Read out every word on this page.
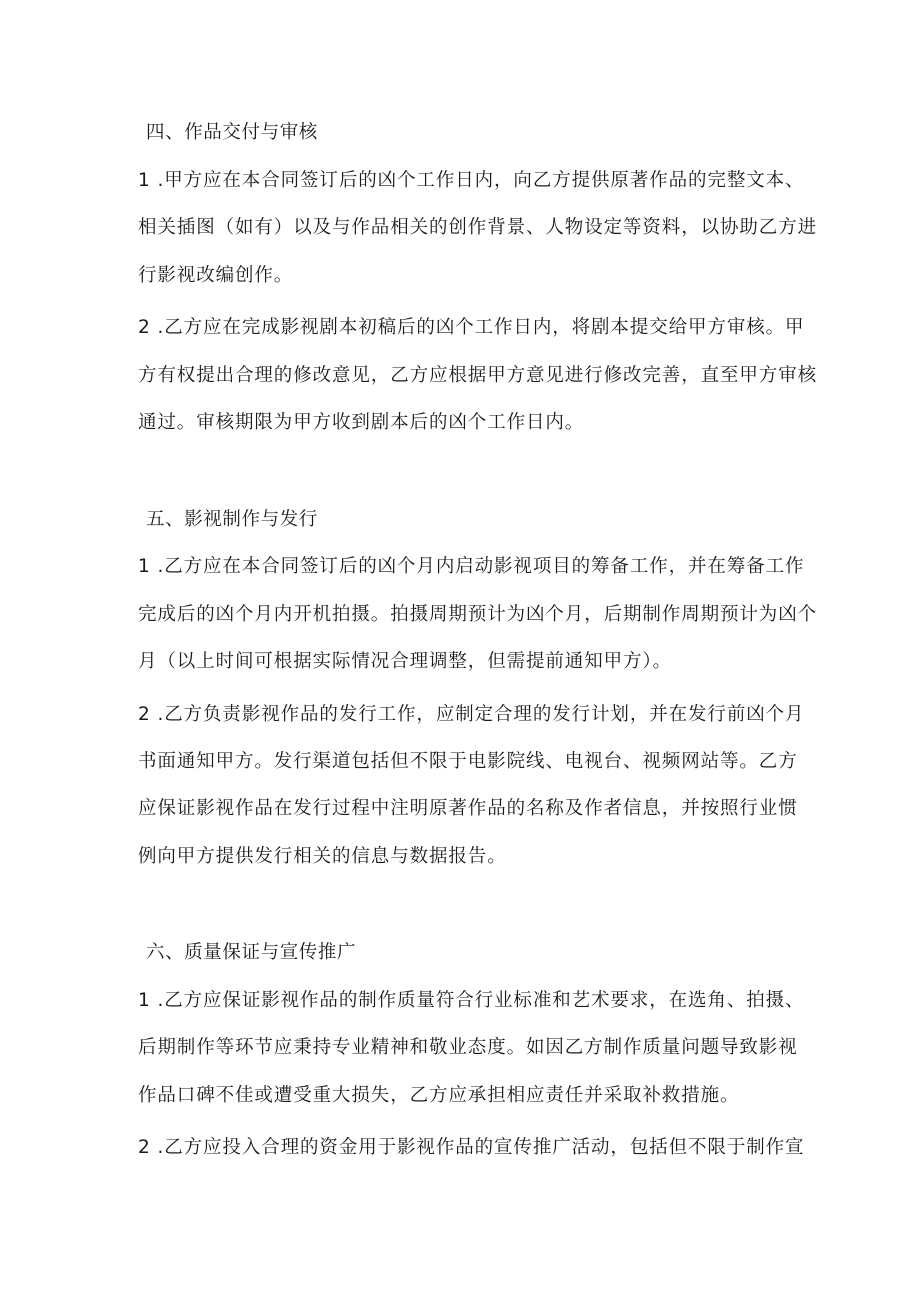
四、作品交付与审核
1 .甲方应在本合同签订后的凶个工作日内，向乙方提供原著作品的完整文本、
相关插图（如有）以及与作品相关的创作背景、人物设定等资料，以协助乙方进
行影视改编创作。
2 .乙方应在完成影视剧本初稿后的凶个工作日内，将剧本提交给甲方审核。甲
方有权提出合理的修改意见，乙方应根据甲方意见进行修改完善，直至甲方审核
通过。审核期限为甲方收到剧本后的凶个工作日内。
五、影视制作与发行
1 .乙方应在本合同签订后的凶个月内启动影视项目的筹备工作，并在筹备工作
完成后的凶个月内开机拍摄。拍摄周期预计为凶个月，后期制作周期预计为凶个
月（以上时间可根据实际情况合理调整，但需提前通知甲方）。
2 .乙方负责影视作品的发行工作，应制定合理的发行计划，并在发行前凶个月
书面通知甲方。发行渠道包括但不限于电影院线、电视台、视频网站等。乙方
应保证影视作品在发行过程中注明原著作品的名称及作者信息，并按照行业惯
例向甲方提供发行相关的信息与数据报告。
六、质量保证与宣传推广
1 .乙方应保证影视作品的制作质量符合行业标准和艺术要求，在选角、拍摄、
后期制作等环节应秉持专业精神和敬业态度。如因乙方制作质量问题导致影视
作品口碑不佳或遭受重大损失，乙方应承担相应责任并采取补救措施。
2 .乙方应投入合理的资金用于影视作品的宣传推广活动，包括但不限于制作宣
